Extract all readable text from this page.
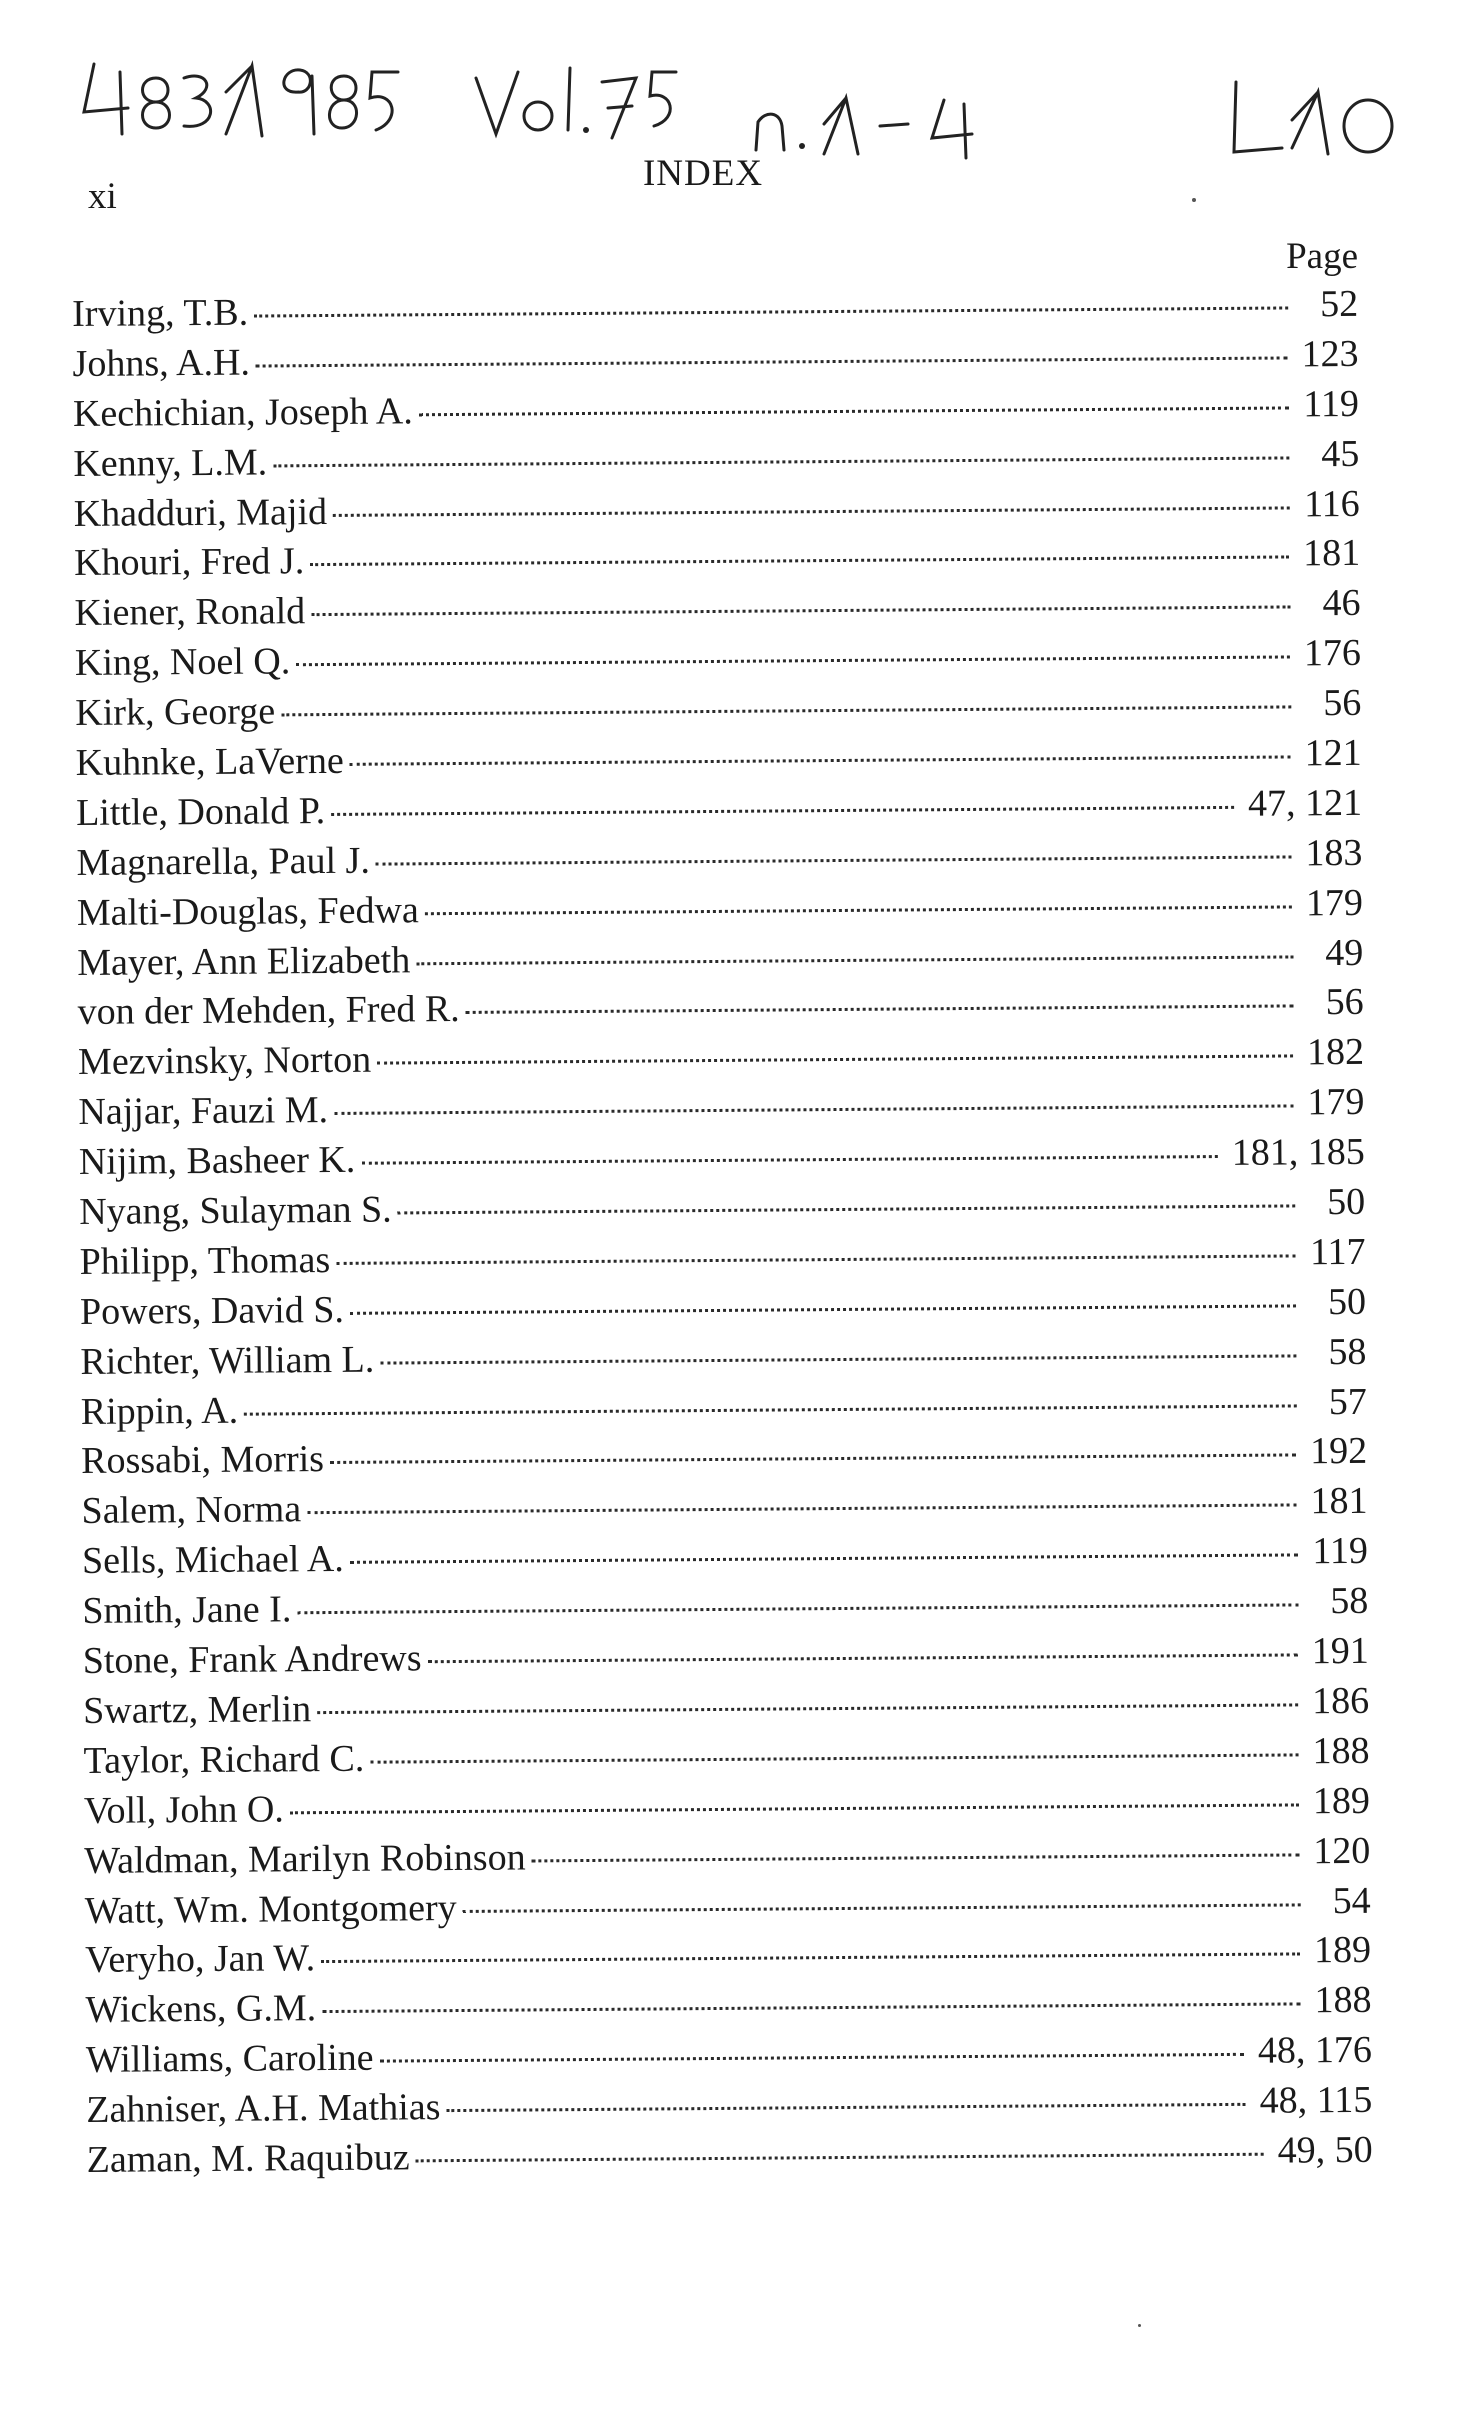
xi
INDEX
Page
Irving, T.B.	52
Johns, A.H.	123
Kechichian, Joseph A.	119
Kenny, L.M.	45
Khadduri, Majid	116
Khouri, Fred J.	181
Kiener, Ronald	46
King, Noel Q.	176
Kirk, George	56
Kuhnke, LaVerne	121
Little, Donald P.	47, 121
Magnarella, Paul J.	183
Malti-Douglas, Fedwa	179
Mayer, Ann Elizabeth	49
von der Mehden, Fred R.	56
Mezvinsky, Norton	182
Najjar, Fauzi M.	179
Nijim, Basheer K.	181, 185
Nyang, Sulayman S.	50
Philipp, Thomas	117
Powers, David S.	50
Richter, William L.	58
Rippin, A.	57
Rossabi, Morris	192
Salem, Norma	181
Sells, Michael A.	119
Smith, Jane I.	58
Stone, Frank Andrews	191
Swartz, Merlin	186
Taylor, Richard C.	188
Voll, John O.	189
Waldman, Marilyn Robinson	120
Watt, Wm. Montgomery	54
Veryho, Jan W.	189
Wickens, G.M.	188
Williams, Caroline	48, 176
Zahniser, A.H. Mathias	48, 115
Zaman, M. Raquibuz	49, 50
